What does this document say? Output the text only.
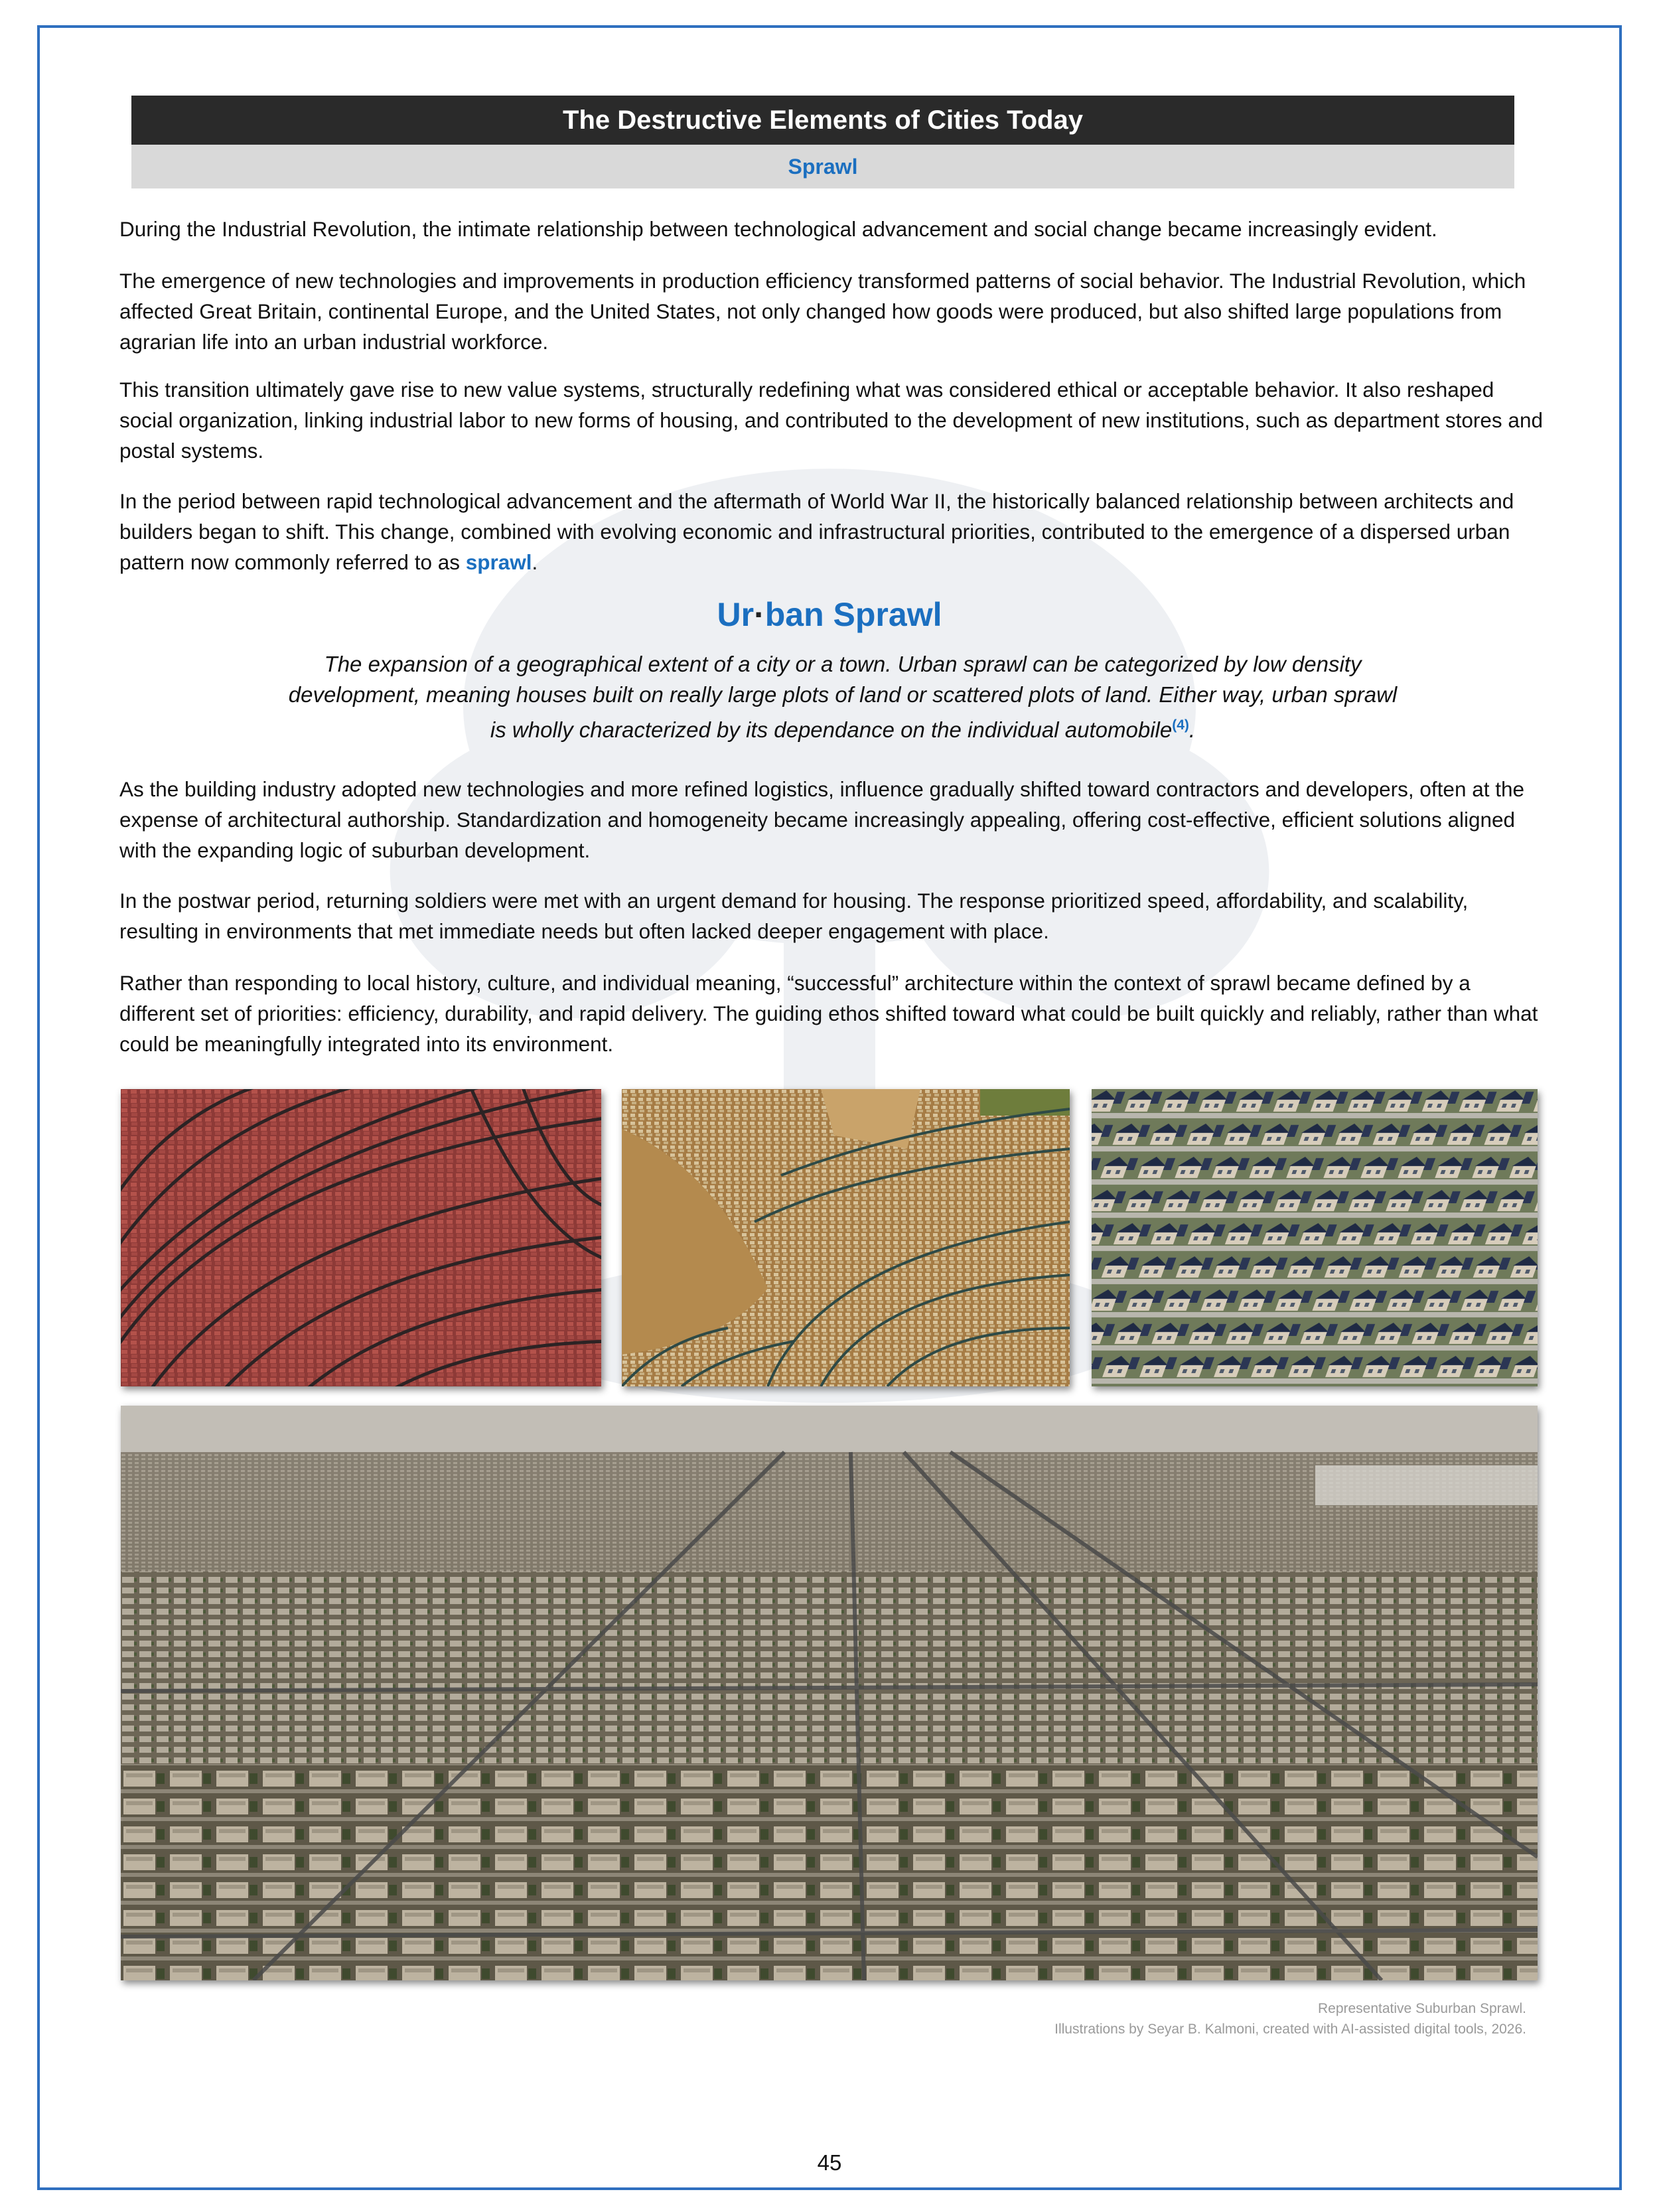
The Destructive Elements of Cities Today
Sprawl

During the Industrial Revolution, the intimate relationship between technological advancement and social change became increasingly evident.

The emergence of new technologies and improvements in production efficiency transformed patterns of social behavior. The Industrial Revolution, which affected Great Britain, continental Europe, and the United States, not only changed how goods were produced, but also shifted large populations from agrarian life into an urban industrial workforce.

This transition ultimately gave rise to new value systems, structurally redefining what was considered ethical or acceptable behavior. It also reshaped social organization, linking industrial labor to new forms of housing, and contributed to the development of new institutions, such as department stores and postal systems.

In the period between rapid technological advancement and the aftermath of World War II, the historically balanced relationship between architects and builders began to shift. This change, combined with evolving economic and infrastructural priorities, contributed to the emergence of a dispersed urban pattern now commonly referred to as sprawl.

Ur·ban Sprawl

The expansion of a geographical extent of a city or a town. Urban sprawl can be categorized by low density development, meaning houses built on really large plots of land or scattered plots of land. Either way, urban sprawl is wholly characterized by its dependance on the individual automobile$^{(4)}$.

As the building industry adopted new technologies and more refined logistics, influence gradually shifted toward contractors and developers, often at the expense of architectural authorship. Standardization and homogeneity became increasingly appealing, offering cost-effective, efficient solutions aligned with the expanding logic of suburban development.

In the postwar period, returning soldiers were met with an urgent demand for housing. The response prioritized speed, affordability, and scalability, resulting in environments that met immediate needs but often lacked deeper engagement with place.

Rather than responding to local history, culture, and individual meaning, “successful” architecture within the context of sprawl became defined by a different set of priorities: efficiency, durability, and rapid delivery. The guiding ethos shifted toward what could be built quickly and reliably, rather than what could be meaningfully integrated into its environment.

Representative Suburban Sprawl.
Illustrations by Seyar B. Kalmoni, created with AI-assisted digital tools, 2026.
45
